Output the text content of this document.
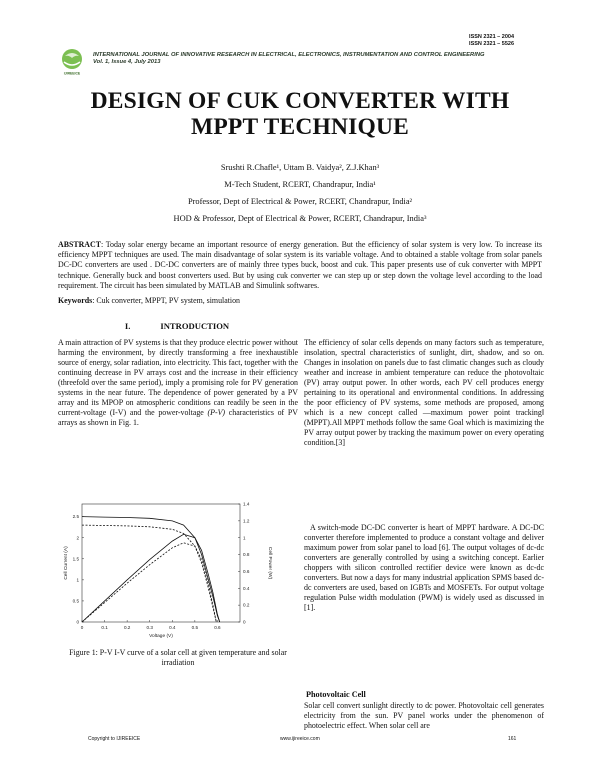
ISSN 2321 – 2004
ISSN 2321 – 5526
IJIREEICE
INTERNATIONAL JOURNAL OF INNOVATIVE RESEARCH IN ELECTRICAL, ELECTRONICS, INSTRUMENTATION AND CONTROL ENGINEERING
Vol. 1, Issue 4, July 2013
DESIGN OF CUK CONVERTER WITH
MPPT TECHNIQUE
Srushti R.Chafle¹, Uttam B. Vaidya², Z.J.Khan³
M-Tech Student, RCERT, Chandrapur, India¹
Professor, Dept of Electrical & Power, RCERT, Chandrapur, India²
HOD & Professor, Dept of Electrical & Power, RCERT, Chandrapur, India³
ABSTRACT: Today solar energy became an important resource of energy generation. But the efficiency of solar system is very low. To increase its efficiency MPPT techniques are used. The main disadvantage of solar system is its variable voltage. And to obtained a stable voltage from solar panels DC-DC converters are used . DC-DC converters are of mainly three types buck, boost and cuk. This paper presents use of cuk converter with MPPT technique. Generally buck and boost converters used. But by using cuk converter we can step up or step down the voltage level according to the load requirement. The circuit has been simulated by MATLAB and Simulink softwares.
Keywords: Cuk converter, MPPT, PV system, simulation
I.	INTRODUCTION
A main attraction of PV systems is that they produce electric power without harming the environment, by directly transforming a free inexhaustible source of energy, solar radiation, into electricity. This fact, together with the continuing decrease in PV arrays cost and the increase in their efficiency (threefold over the same period), imply a promising role for PV generation systems in the near future. The dependence of power generated by a PV array and its MPOP on atmospheric conditions can readily be seen in the current-voltage (I-V) and the power-voltage (P-V) characteristics of PV arrays as shown in Fig. 1.
0	0.1	0.2	0.3	0.4	0.5	0.6
0
0.5
1
1.5
2
2.5
0
0.2
0.4
0.6
0.8
1
1.2
1.4
Voltage (V)
Cell Current (A)	Cell Power (W)
Figure 1: P-V I-V curve of a solar cell at given temperature and solar irradiation
The efficiency of solar cells depends on many factors such as temperature, insolation, spectral characteristics of sunlight, dirt, shadow, and so on. Changes in insolation on panels due to fast climatic changes such as cloudy weather and increase in ambient temperature can reduce the photovoltaic (PV) array output power. In other words, each PV cell produces energy pertaining to its operational and environmental conditions. In addressing the poor efficiency of PV systems, some methods are proposed, among which is a new concept called ―maximum power point tracking‖ (MPPT).All MPPT methods follow the same Goal which is maximizing the PV array output power by tracking the maximum power on every operating condition.[3]
A switch-mode DC-DC converter is heart of MPPT hardware. A DC-DC converter therefore implemented to produce a constant voltage and deliver maximum power from solar panel to load [6]. The output voltages of dc-dc converters are generally controlled by using a switching concept. Earlier choppers with silicon controlled rectifier device were known as dc-dc converters. But now a days for many industrial application SPMS based dc-dc converters are used, based on IGBTs and MOSFETs. For output voltage regulation Pulse width modulation (PWM) is widely used as discussed in [1].
Photovoltaic Cell
Solar cell convert sunlight directly to dc power. Photovoltaic cell generates electricity from the sun. PV panel works under the phenomenon of photoelectric effect. When solar cell are
Copyright to IJIREEICE	www.ijireeice.com	161
